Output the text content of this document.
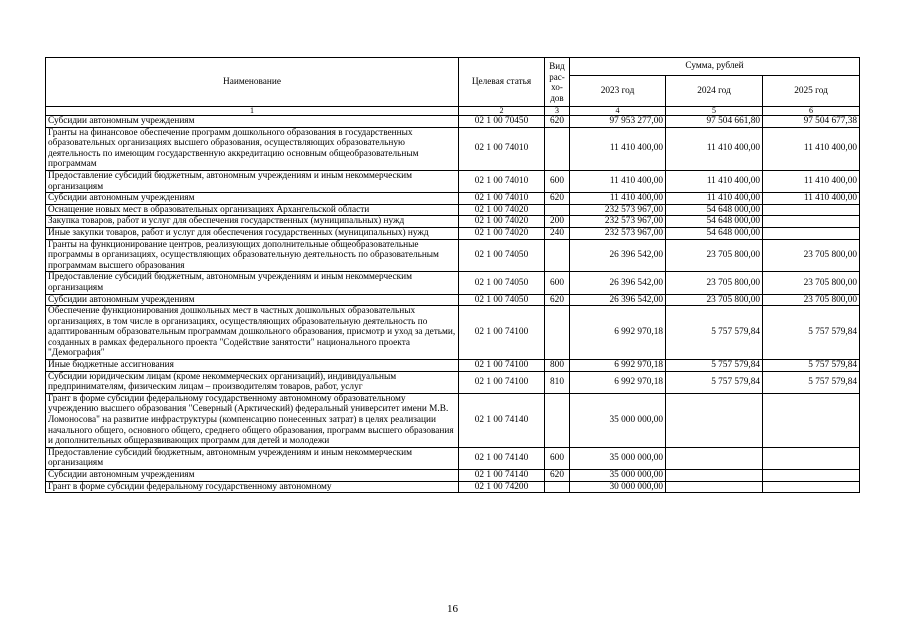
Наименование	Целевая статья	Вид рас-хо-дов	Сумма, рублей		
			2023 год	2024 год	2025 год
1	2	3	4	5	6
Субсидии автономным учреждениям	02 1 00 70450	620	97 953 277,00	97 504 661,80	97 504 677,38
Гранты на финансовое обеспечение программ дошкольного образования в государственных образовательных организациях высшего образования, осуществляющих образовательную деятельность по имеющим государственную аккредитацию основным общеобразовательным программам	02 1 00 74010		11 410 400,00	11 410 400,00	11 410 400,00
Предоставление субсидий бюджетным, автономным учреждениям и иным некоммерческим организациям	02 1 00 74010	600	11 410 400,00	11 410 400,00	11 410 400,00
Субсидии автономным учреждениям	02 1 00 74010	620	11 410 400,00	11 410 400,00	11 410 400,00
Оснащение новых мест в образовательных организациях Архангельской области	02 1 00 74020		232 573 967,00	54 648 000,00	
Закупка товаров, работ и услуг для обеспечения государственных (муниципальных) нужд	02 1 00 74020	200	232 573 967,00	54 648 000,00	
Иные закупки товаров, работ и услуг для обеспечения государственных (муниципальных) нужд	02 1 00 74020	240	232 573 967,00	54 648 000,00	
Гранты на функционирование центров, реализующих дополнительные общеобразовательные программы в организациях, осуществляющих образовательную деятельность по образовательным программам высшего образования	02 1 00 74050		26 396 542,00	23 705 800,00	23 705 800,00
Предоставление субсидий бюджетным, автономным учреждениям и иным некоммерческим организациям	02 1 00 74050	600	26 396 542,00	23 705 800,00	23 705 800,00
Субсидии автономным учреждениям	02 1 00 74050	620	26 396 542,00	23 705 800,00	23 705 800,00
Обеспечение функционирования дошкольных мест в частных дошкольных образовательных организациях, в том числе в организациях, осуществляющих образовательную деятельность по адаптированным образовательным программам дошкольного образования, присмотр и уход за детьми, созданных в рамках федерального проекта "Содействие занятости" национального проекта "Демография"	02 1 00 74100		6 992 970,18	5 757 579,84	5 757 579,84
Иные бюджетные ассигнования	02 1 00 74100	800	6 992 970,18	5 757 579,84	5 757 579,84
Субсидии юридическим лицам (кроме некоммерческих организаций), индивидуальным предпринимателям, физическим лицам – производителям товаров, работ, услуг	02 1 00 74100	810	6 992 970,18	5 757 579,84	5 757 579,84
Грант в форме субсидии федеральному государственному автономному образовательному учреждению высшего образования "Северный (Арктический) федеральный университет имени М.В. Ломоносова" на развитие инфраструктуры (компенсацию понесенных затрат) в целях реализации начального общего, основного общего, среднего общего образования, программ высшего образования и дополнительных общеразвивающих программ для детей и молодежи	02 1 00 74140		35 000 000,00		
Предоставление субсидий бюджетным, автономным учреждениям и иным некоммерческим организациям	02 1 00 74140	600	35 000 000,00		
Субсидии автономным учреждениям	02 1 00 74140	620	35 000 000,00		
Грант в форме субсидии федеральному государственному автономному	02 1 00 74200		30 000 000,00		
16
